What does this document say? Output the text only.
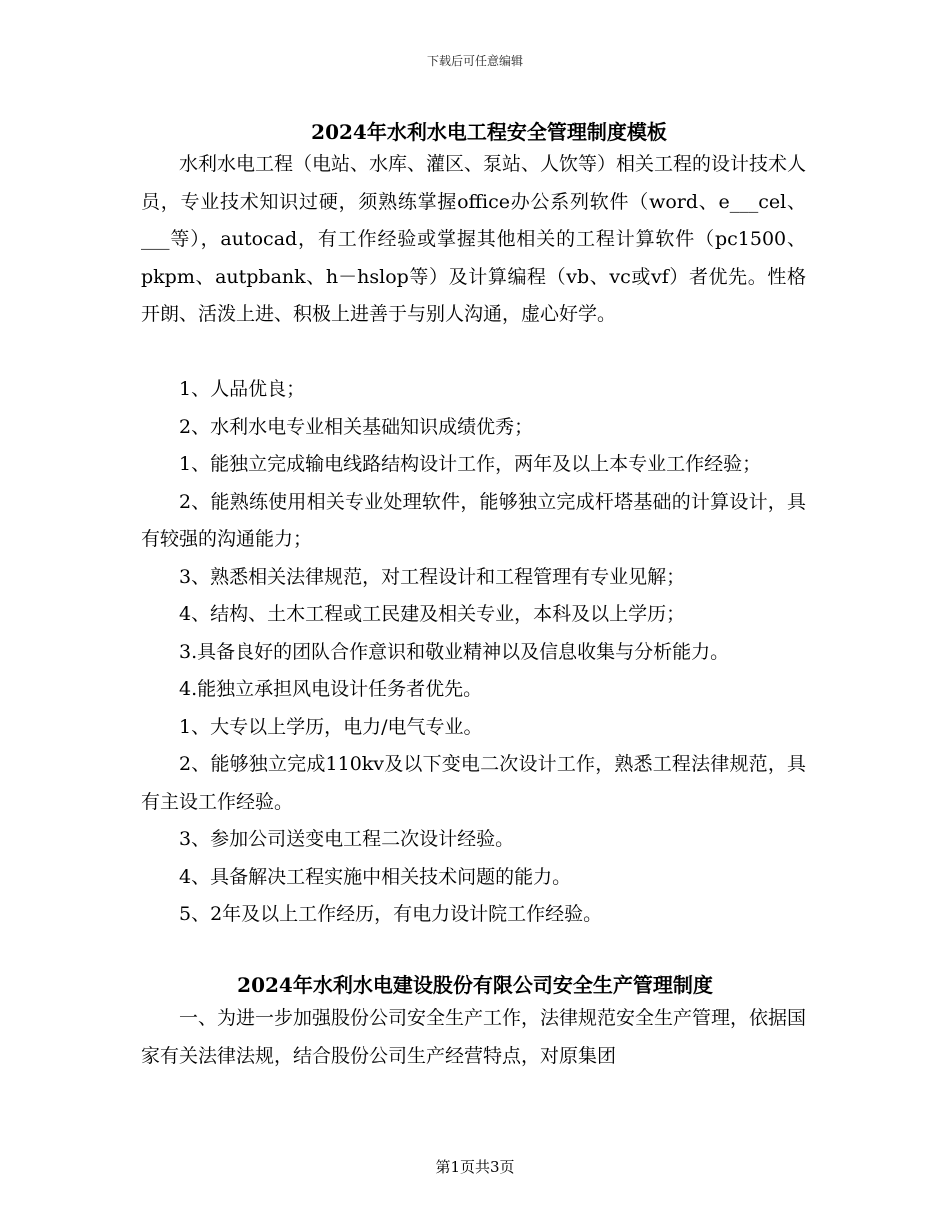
下载后可任意编辑
2024年水利水电工程安全管理制度模板

水利水电工程（电站、水库、灌区、泵站、人饮等）相关工程的设计技术人员，专业技术知识过硬，须熟练掌握office办公系列软件（word、e___cel、___等），autocad，有工作经验或掌握其他相关的工程计算软件（pc1500、pkpm、autpbank、h－hslop等）及计算编程（vb、vc或vf）者优先。性格开朗、活泼上进、积极上进善于与别人沟通，虚心好学。

1、人品优良；
2、水利水电专业相关基础知识成绩优秀；
1、能独立完成输电线路结构设计工作，两年及以上本专业工作经验；
2、能熟练使用相关专业处理软件，能够独立完成杆塔基础的计算设计，具有较强的沟通能力；
3、熟悉相关法律规范，对工程设计和工程管理有专业见解；
4、结构、土木工程或工民建及相关专业，本科及以上学历；
3.具备良好的团队合作意识和敬业精神以及信息收集与分析能力。
4.能独立承担风电设计任务者优先。
1、大专以上学历，电力/电气专业。
2、能够独立完成110kv及以下变电二次设计工作，熟悉工程法律规范，具有主设工作经验。
3、参加公司送变电工程二次设计经验。
4、具备解决工程实施中相关技术问题的能力。
5、2年及以上工作经历，有电力设计院工作经验。
2024年水利水电建设股份有限公司安全生产管理制度

一、为进一步加强股份公司安全生产工作，法律规范安全生产管理，依据国家有关法律法规，结合股份公司生产经营特点，对原集团

第1页共3页
